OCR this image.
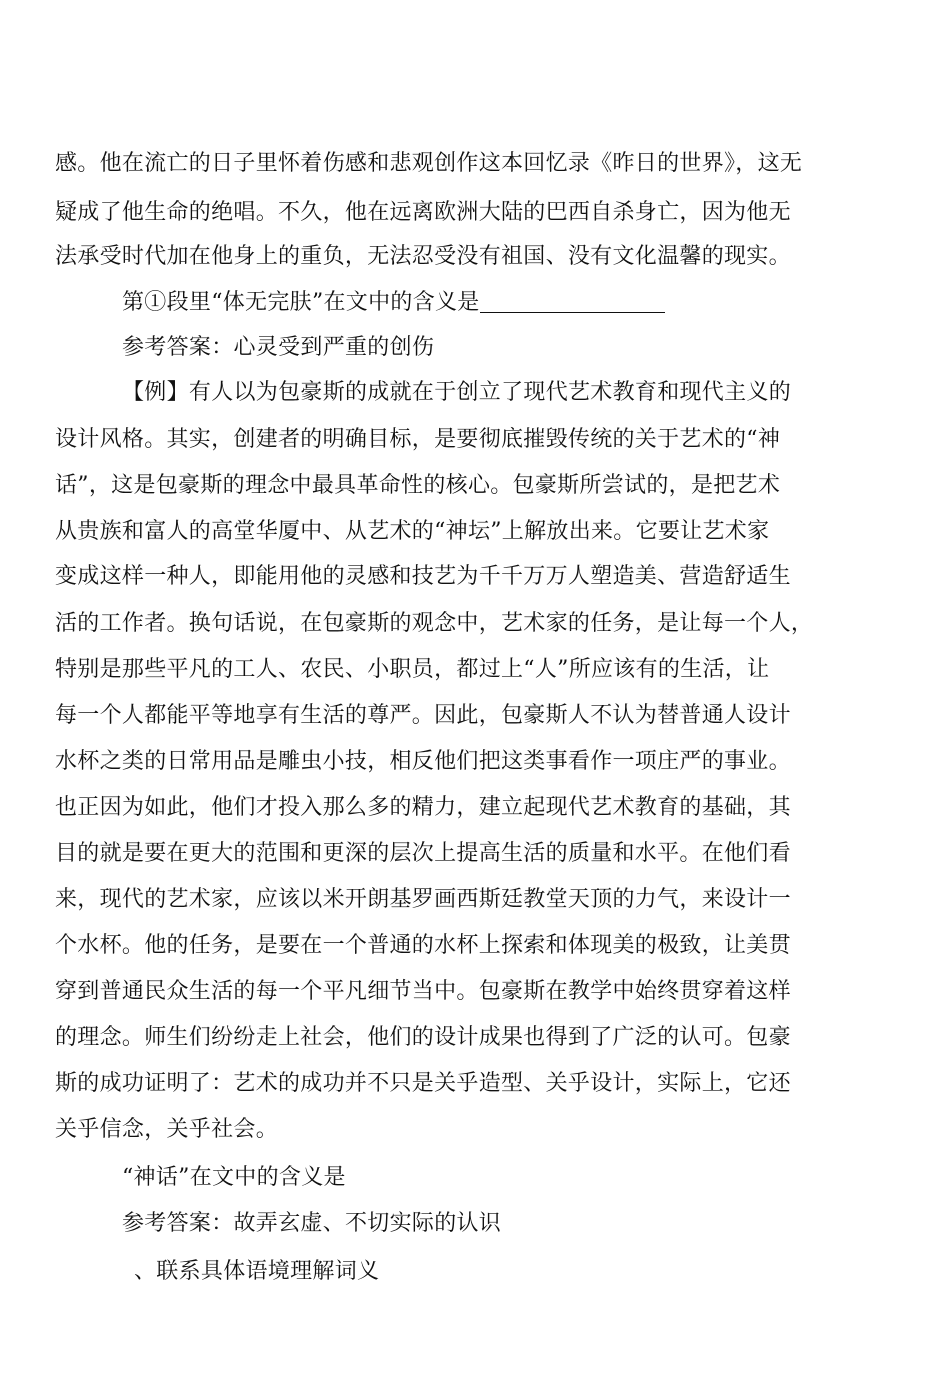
感。他在流亡的日子里怀着伤感和悲观创作这本回忆录《昨日的世界》，这无
疑成了他生命的绝唱。不久，他在远离欧洲大陆的巴西自杀身亡，因为他无
法承受时代加在他身上的重负，无法忍受没有祖国、没有文化温馨的现实。
第①段里“体无完肤”在文中的含义是
参考答案：心灵受到严重的创伤
【例】有人以为包豪斯的成就在于创立了现代艺术教育和现代主义的
设计风格。其实，创建者的明确目标，是要彻底摧毁传统的关于艺术的“神
话”，这是包豪斯的理念中最具革命性的核心。包豪斯所尝试的，是把艺术
从贵族和富人的高堂华厦中、从艺术的“神坛”上解放出来。它要让艺术家
变成这样一种人，即能用他的灵感和技艺为千千万万人塑造美、营造舒适生
活的工作者。换句话说，在包豪斯的观念中，艺术家的任务，是让每一个人，
特别是那些平凡的工人、农民、小职员，都过上“人”所应该有的生活，让
每一个人都能平等地享有生活的尊严。因此，包豪斯人不认为替普通人设计
水杯之类的日常用品是雕虫小技，相反他们把这类事看作一项庄严的事业。
也正因为如此，他们才投入那么多的精力，建立起现代艺术教育的基础，其
目的就是要在更大的范围和更深的层次上提高生活的质量和水平。在他们看
来，现代的艺术家，应该以米开朗基罗画西斯廷教堂天顶的力气，来设计一
个水杯。他的任务，是要在一个普通的水杯上探索和体现美的极致，让美贯
穿到普通民众生活的每一个平凡细节当中。包豪斯在教学中始终贯穿着这样
的理念。师生们纷纷走上社会，他们的设计成果也得到了广泛的认可。包豪
斯的成功证明了：艺术的成功并不只是关乎造型、关乎设计，实际上，它还
关乎信念，关乎社会。
“神话”在文中的含义是
参考答案：故弄玄虚、不切实际的认识
、联系具体语境理解词义
